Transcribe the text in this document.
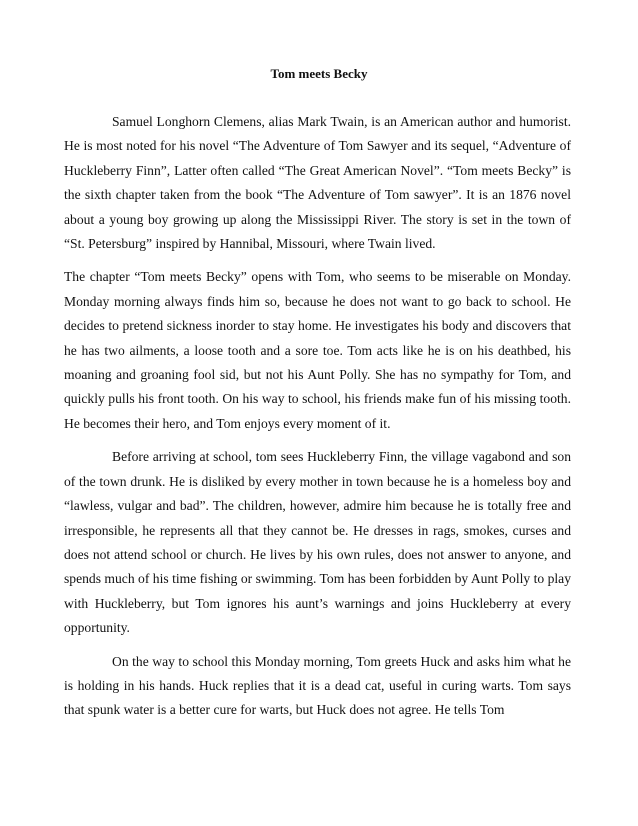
Tom meets Becky

Samuel Longhorn Clemens, alias Mark Twain, is an American author and humorist. He is most noted for his novel “The Adventure of Tom Sawyer and its sequel, “Adventure of Huckleberry Finn”, Latter often called “The Great American Novel”. “Tom meets Becky” is the sixth chapter taken from the book “The Adventure of Tom sawyer”. It is an 1876 novel about a young boy growing up along the Mississippi River. The story is set in the town of “St. Petersburg” inspired by Hannibal, Missouri, where Twain lived.

The chapter “Tom meets Becky” opens with Tom, who seems to be miserable on Monday. Monday morning always finds him so, because he does not want to go back to school. He decides to pretend sickness inorder to stay home. He investigates his body and discovers that he has two ailments, a loose tooth and a sore toe. Tom acts like he is on his deathbed, his moaning and groaning fool sid, but not his Aunt Polly. She has no sympathy for Tom, and quickly pulls his front tooth. On his way to school, his friends make fun of his missing tooth. He becomes their hero, and Tom enjoys every moment of it.

Before arriving at school, tom sees Huckleberry Finn, the village vagabond and son of the town drunk. He is disliked by every mother in town because he is a homeless boy and “lawless, vulgar and bad”. The children, however, admire him because he is totally free and irresponsible, he represents all that they cannot be. He dresses in rags, smokes, curses and does not attend school or church. He lives by his own rules, does not answer to anyone, and spends much of his time fishing or swimming. Tom has been forbidden by Aunt Polly to play with Huckleberry, but Tom ignores his aunt’s warnings and joins Huckleberry at every opportunity.

On the way to school this Monday morning, Tom greets Huck and asks him what he is holding in his hands. Huck replies that it is a dead cat, useful in curing warts. Tom says that spunk water is a better cure for warts, but Huck does not agree. He tells Tom
